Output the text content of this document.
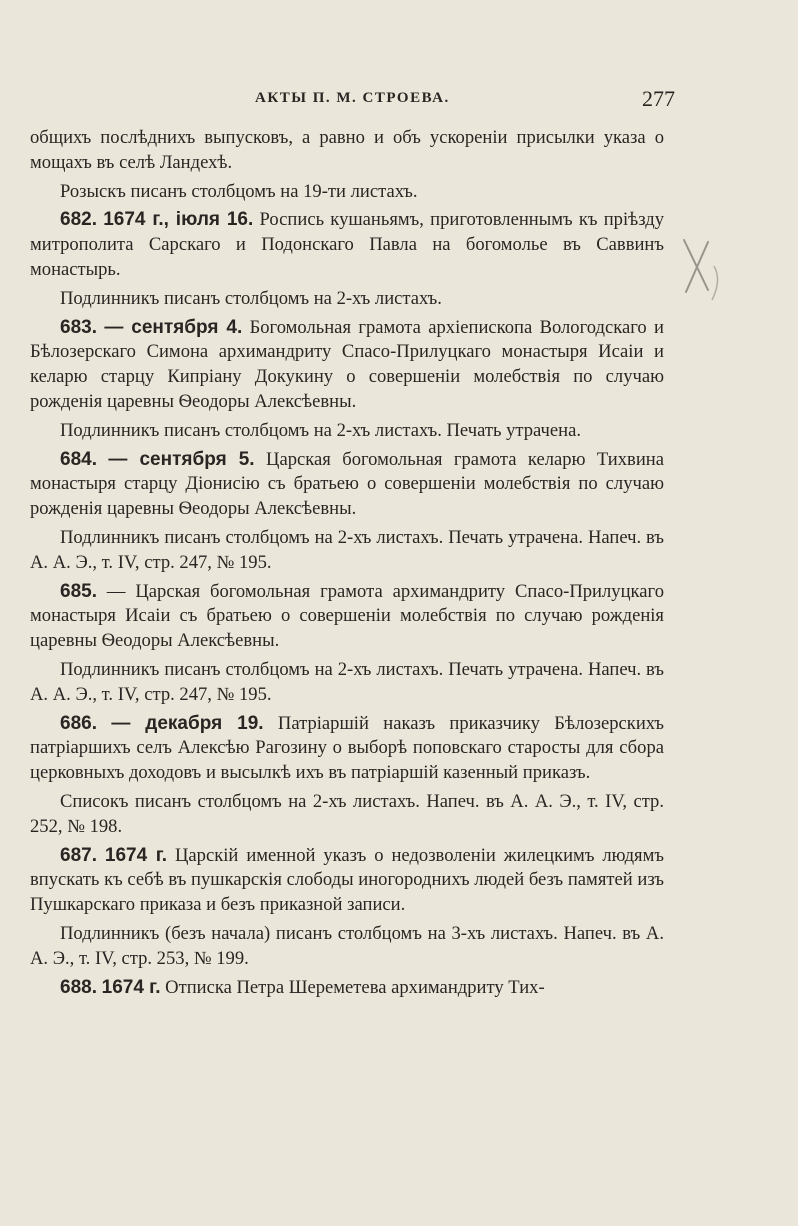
АКТЫ П. М. СТРОЕВА.	277

общихъ послѣднихъ выпусковъ, а равно и объ ускореніи присылки указа о мощахъ въ селѣ Ландехѣ.

Розыскъ писанъ столбцомъ на 19-ти листахъ.

682. 1674 г., іюля 16. Роспись кушаньямъ, приготовленнымъ къ пріѣзду митрополита Сарскаго и Подонскаго Павла на богомолье въ Саввинъ монастырь.

Подлинникъ писанъ столбцомъ на 2-хъ листахъ.

683. — сентября 4. Богомольная грамота архіепископа Вологодскаго и Бѣлозерскаго Симона архимандриту Спасо-Прилуцкаго монастыря Исаіи и келарю старцу Кипріану Докукину о совершеніи молебствія по случаю рожденія царевны Ѳеодоры Алексѣевны.

Подлинникъ писанъ столбцомъ на 2-хъ листахъ. Печать утрачена.

684. — сентября 5. Царская богомольная грамота келарю Тихвина монастыря старцу Діонисію съ братьею о совершеніи молебствія по случаю рожденія царевны Ѳеодоры Алексѣевны.

Подлинникъ писанъ столбцомъ на 2-хъ листахъ. Печать утрачена. Напеч. въ А. А. Э., т. IV, стр. 247, № 195.

685. — Царская богомольная грамота архимандриту Спасо-Прилуцкаго монастыря Исаіи съ братьею о совершеніи молебствія по случаю рожденія царевны Ѳеодоры Алексѣевны.

Подлинникъ писанъ столбцомъ на 2-хъ листахъ. Печать утрачена. Напеч. въ А. А. Э., т. IV, стр. 247, № 195.

686. — декабря 19. Патріаршій наказъ приказчику Бѣлозерскихъ патріаршихъ селъ Алексѣю Рагозину о выборѣ поповскаго старосты для сбора церковныхъ доходовъ и высылкѣ ихъ въ патріаршій казенный приказъ.

Списокъ писанъ столбцомъ на 2-хъ листахъ. Напеч. въ А. А. Э., т. IV, стр. 252, № 198.

687. 1674 г. Царскій именной указъ о недозволеніи жилецкимъ людямъ впускать къ себѣ въ пушкарскія слободы иногороднихъ людей безъ памятей изъ Пушкарскаго приказа и безъ приказной записи.

Подлинникъ (безъ начала) писанъ столбцомъ на 3-хъ листахъ. Напеч. въ А. А. Э., т. IV, стр. 253, № 199.

688. 1674 г. Отписка Петра Шереметева архимандриту Тих-
